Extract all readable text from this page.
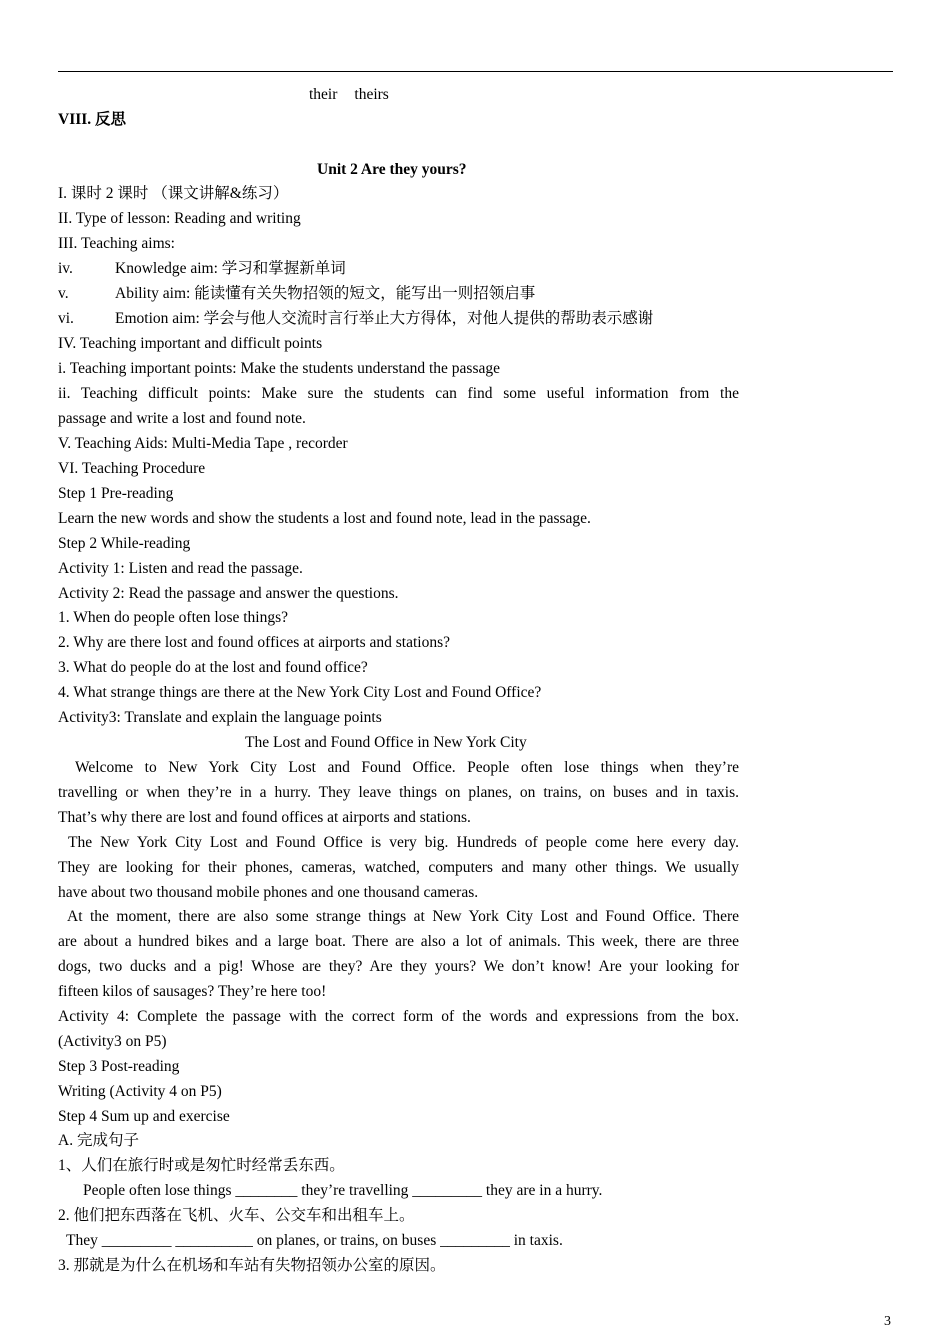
their theirs
VIII. 反思
Unit 2 Are they yours?
I. 课时 2 课时 （课文讲解&练习）
II. Type of lesson: Reading and writing
III. Teaching aims:
iv.	Knowledge aim: 学习和掌握新单词
v.	Ability aim: 能读懂有关失物招领的短文，能写出一则招领启事
vi.	Emotion aim: 学会与他人交流时言行举止大方得体，对他人提供的帮助表示感谢
IV. Teaching important and difficult points
i. Teaching important points: Make the students understand the passage
ii. Teaching difficult points: Make sure the students can find some useful information from the
passage and write a lost and found note.
V. Teaching Aids: Multi-Media Tape , recorder
VI. Teaching Procedure
Step 1 Pre-reading
Learn the new words and show the students a lost and found note, lead in the passage.
Step 2 While-reading
Activity 1: Listen and read the passage.
Activity 2: Read the passage and answer the questions.
1. When do people often lose things?
2. Why are there lost and found offices at airports and stations?
3. What do people do at the lost and found office?
4. What strange things are there at the New York City Lost and Found Office?
Activity3: Translate and explain the language points
The Lost and Found Office in New York City
Welcome to New York City Lost and Found Office. People often lose things when they’re
travelling or when they’re in a hurry. They leave things on planes, on trains, on buses and in taxis.
That’s why there are lost and found offices at airports and stations.
The New York City Lost and Found Office is very big. Hundreds of people come here every day.
They are looking for their phones, cameras, watched, computers and many other things. We usually
have about two thousand mobile phones and one thousand cameras.
At the moment, there are also some strange things at New York City Lost and Found Office. There
are about a hundred bikes and a large boat. There are also a lot of animals. This week, there are three
dogs, two ducks and a pig! Whose are they? Are they yours? We don’t know! Are your looking for
fifteen kilos of sausages? They’re here too!
Activity 4: Complete the passage with the correct form of the words and expressions from the box.
(Activity3 on P5)
Step 3 Post-reading
Writing (Activity 4 on P5)
Step 4 Sum up and exercise
A. 完成句子
1、人们在旅行时或是匆忙时经常丢东西。
People often lose things ________ they’re travelling _________ they are in a hurry.
2. 他们把东西落在飞机、火车、公交车和出租车上。
They _________ __________ on planes, or trains, on buses _________ in taxis.
3. 那就是为什么在机场和车站有失物招领办公室的原因。
3
